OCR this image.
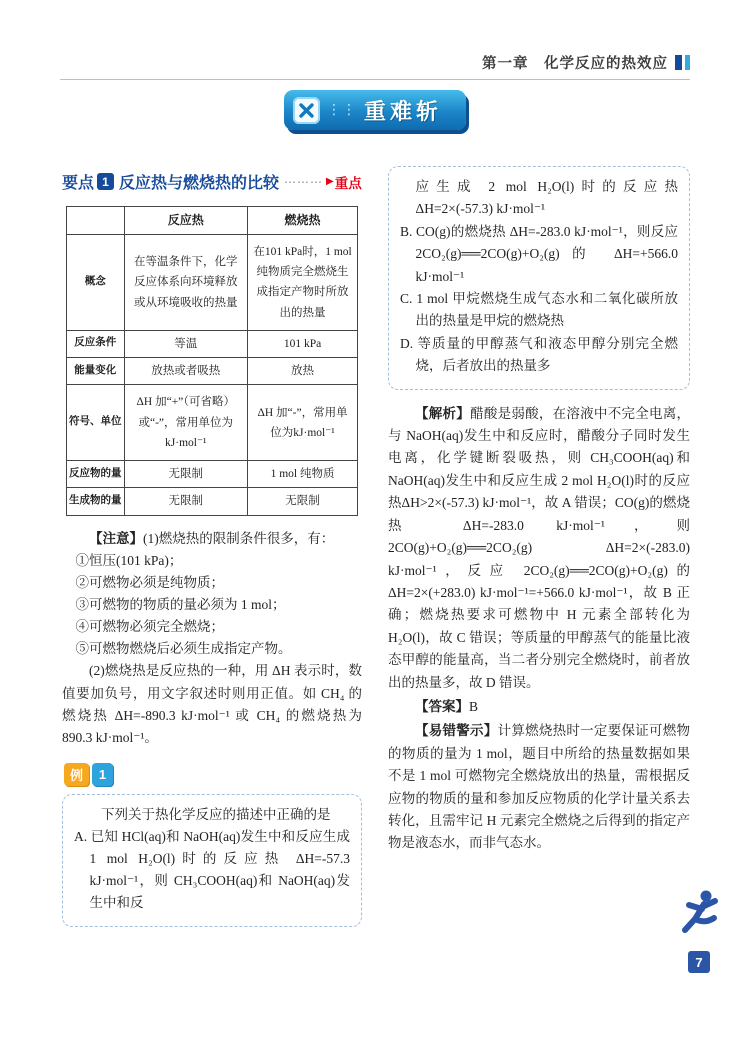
第一章　化学反应的热效应
⋮⋮ 重难斩
要点 1 反应热与燃烧热的比较 ⋯⋯⋯ ▶ 重点
	反应热	燃烧热
概念	在等温条件下，化学反应体系向环境释放或从环境吸收的热量	在101 kPa时，1 mol纯物质完全燃烧生成指定产物时所放出的热量
反应条件	等温	101 kPa
能量变化	放热或者吸热	放热
符号、单位	ΔH 加“+”（可省略）或“-”，常用单位为kJ·mol⁻¹	ΔH 加“-”，常用单位为kJ·mol⁻¹
反应物的量	无限制	1 mol 纯物质
生成物的量	无限制	无限制

【注意】(1)燃烧热的限制条件很多，有：

①恒压(101 kPa)；

②可燃物必须是纯物质；

③可燃物的物质的量必须为 1 mol；

④可燃物必须完全燃烧；

⑤可燃物燃烧后必须生成指定产物。

(2)燃烧热是反应热的一种，用 ΔH 表示时，数值要加负号，用文字叙述时则用正值。如 CH₄ 的燃烧热 ΔH=-890.3 kJ·mol⁻¹ 或 CH₄ 的燃烧热为 890.3 kJ·mol⁻¹。

例	1

下列关于热化学反应的描述中正确的是

A. 已知 HCl(aq)和 NaOH(aq)发生中和反应生成 1 mol H₂O(l)时的反应热 ΔH=-57.3 kJ·mol⁻¹，则 CH₃COOH(aq)和 NaOH(aq)发生中和反

应生成 2 mol H₂O(l)时的反应热 ΔH=2×(-57.3) kJ·mol⁻¹

B. CO(g)的燃烧热 ΔH=-283.0 kJ·mol⁻¹，则反应 2CO₂(g)══2CO(g)+O₂(g)的 ΔH=+566.0 kJ·mol⁻¹

C. 1 mol 甲烷燃烧生成气态水和二氧化碳所放出的热量是甲烷的燃烧热

D. 等质量的甲醇蒸气和液态甲醇分别完全燃烧，后者放出的热量多

【解析】醋酸是弱酸，在溶液中不完全电离，与 NaOH(aq)发生中和反应时，醋酸分子同时发生电离，化学键断裂吸热，则 CH₃COOH(aq)和 NaOH(aq)发生中和反应生成 2 mol H₂O(l)时的反应热ΔH>2×(-57.3) kJ·mol⁻¹，故 A 错误；CO(g)的燃烧热 ΔH=-283.0 kJ·mol⁻¹，则 2CO(g)+O₂(g)══2CO₂(g)　ΔH=2×(-283.0) kJ·mol⁻¹，反应 2CO₂(g)══2CO(g)+O₂(g)的 ΔH=2×(+283.0) kJ·mol⁻¹=+566.0 kJ·mol⁻¹，故 B 正确；燃烧热要求可燃物中 H 元素全部转化为 H₂O(l)，故 C 错误；等质量的甲醇蒸气的能量比液态甲醇的能量高，当二者分别完全燃烧时，前者放出的热量多，故 D 错误。

【答案】B

【易错警示】计算燃烧热时一定要保证可燃物的物质的量为 1 mol，题目中所给的热量数据如果不是 1 mol 可燃物完全燃烧放出的热量，需根据反应物的物质的量和参加反应物质的化学计量关系去转化，且需牢记 H 元素完全燃烧之后得到的指定产物是液态水，而非气态水。

7
